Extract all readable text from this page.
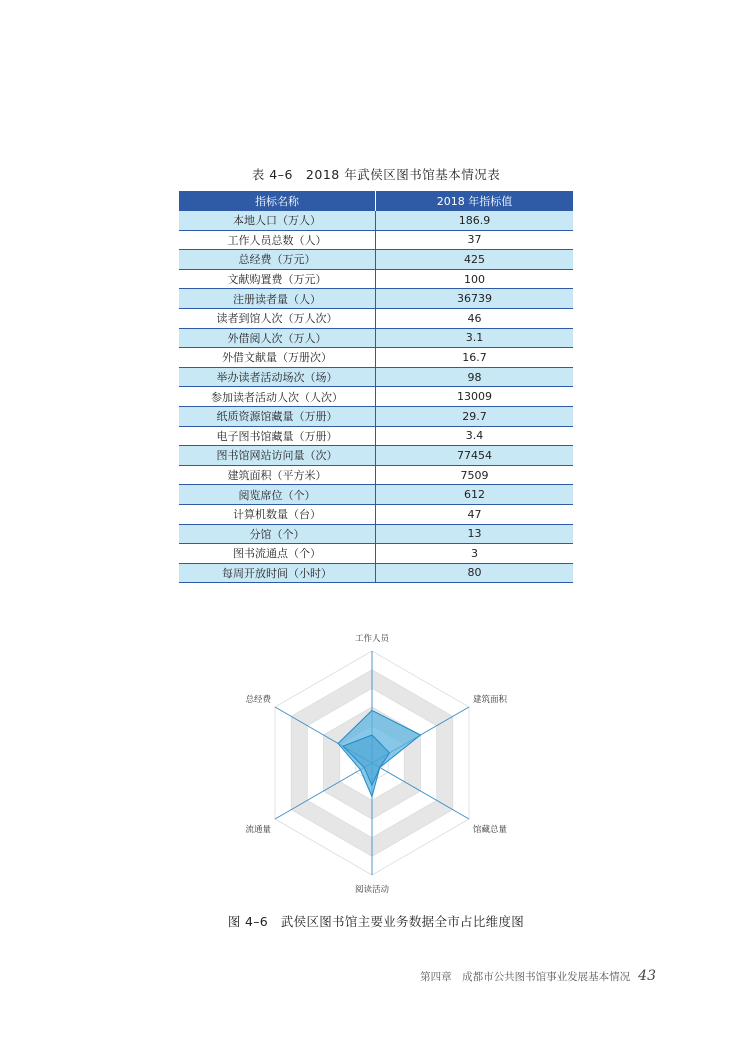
表 4–6　2018 年武侯区图书馆基本情况表
指标名称	2018 年指标值
本地人口（万人）	186.9
工作人员总数（人）	37
总经费（万元）	425
文献购置费（万元）	100
注册读者量（人）	36739
读者到馆人次（万人次）	46
外借阅人次（万人）	3.1
外借文献量（万册次）	16.7
举办读者活动场次（场）	98
参加读者活动人次（人次）	13009
纸质资源馆藏量（万册）	29.7
电子图书馆藏量（万册）	3.4
图书馆网站访问量（次）	77454
建筑面积（平方米）	7509
阅览席位（个）	612
计算机数量（台）	47
分馆（个）	13
图书流通点（个）	3
每周开放时间（小时）	80
工作人员
建筑面积
馆藏总量
阅读活动
流通量
总经费
图 4–6　武侯区图书馆主要业务数据全市占比维度图
第四章　成都市公共图书馆事业发展基本情况 43
